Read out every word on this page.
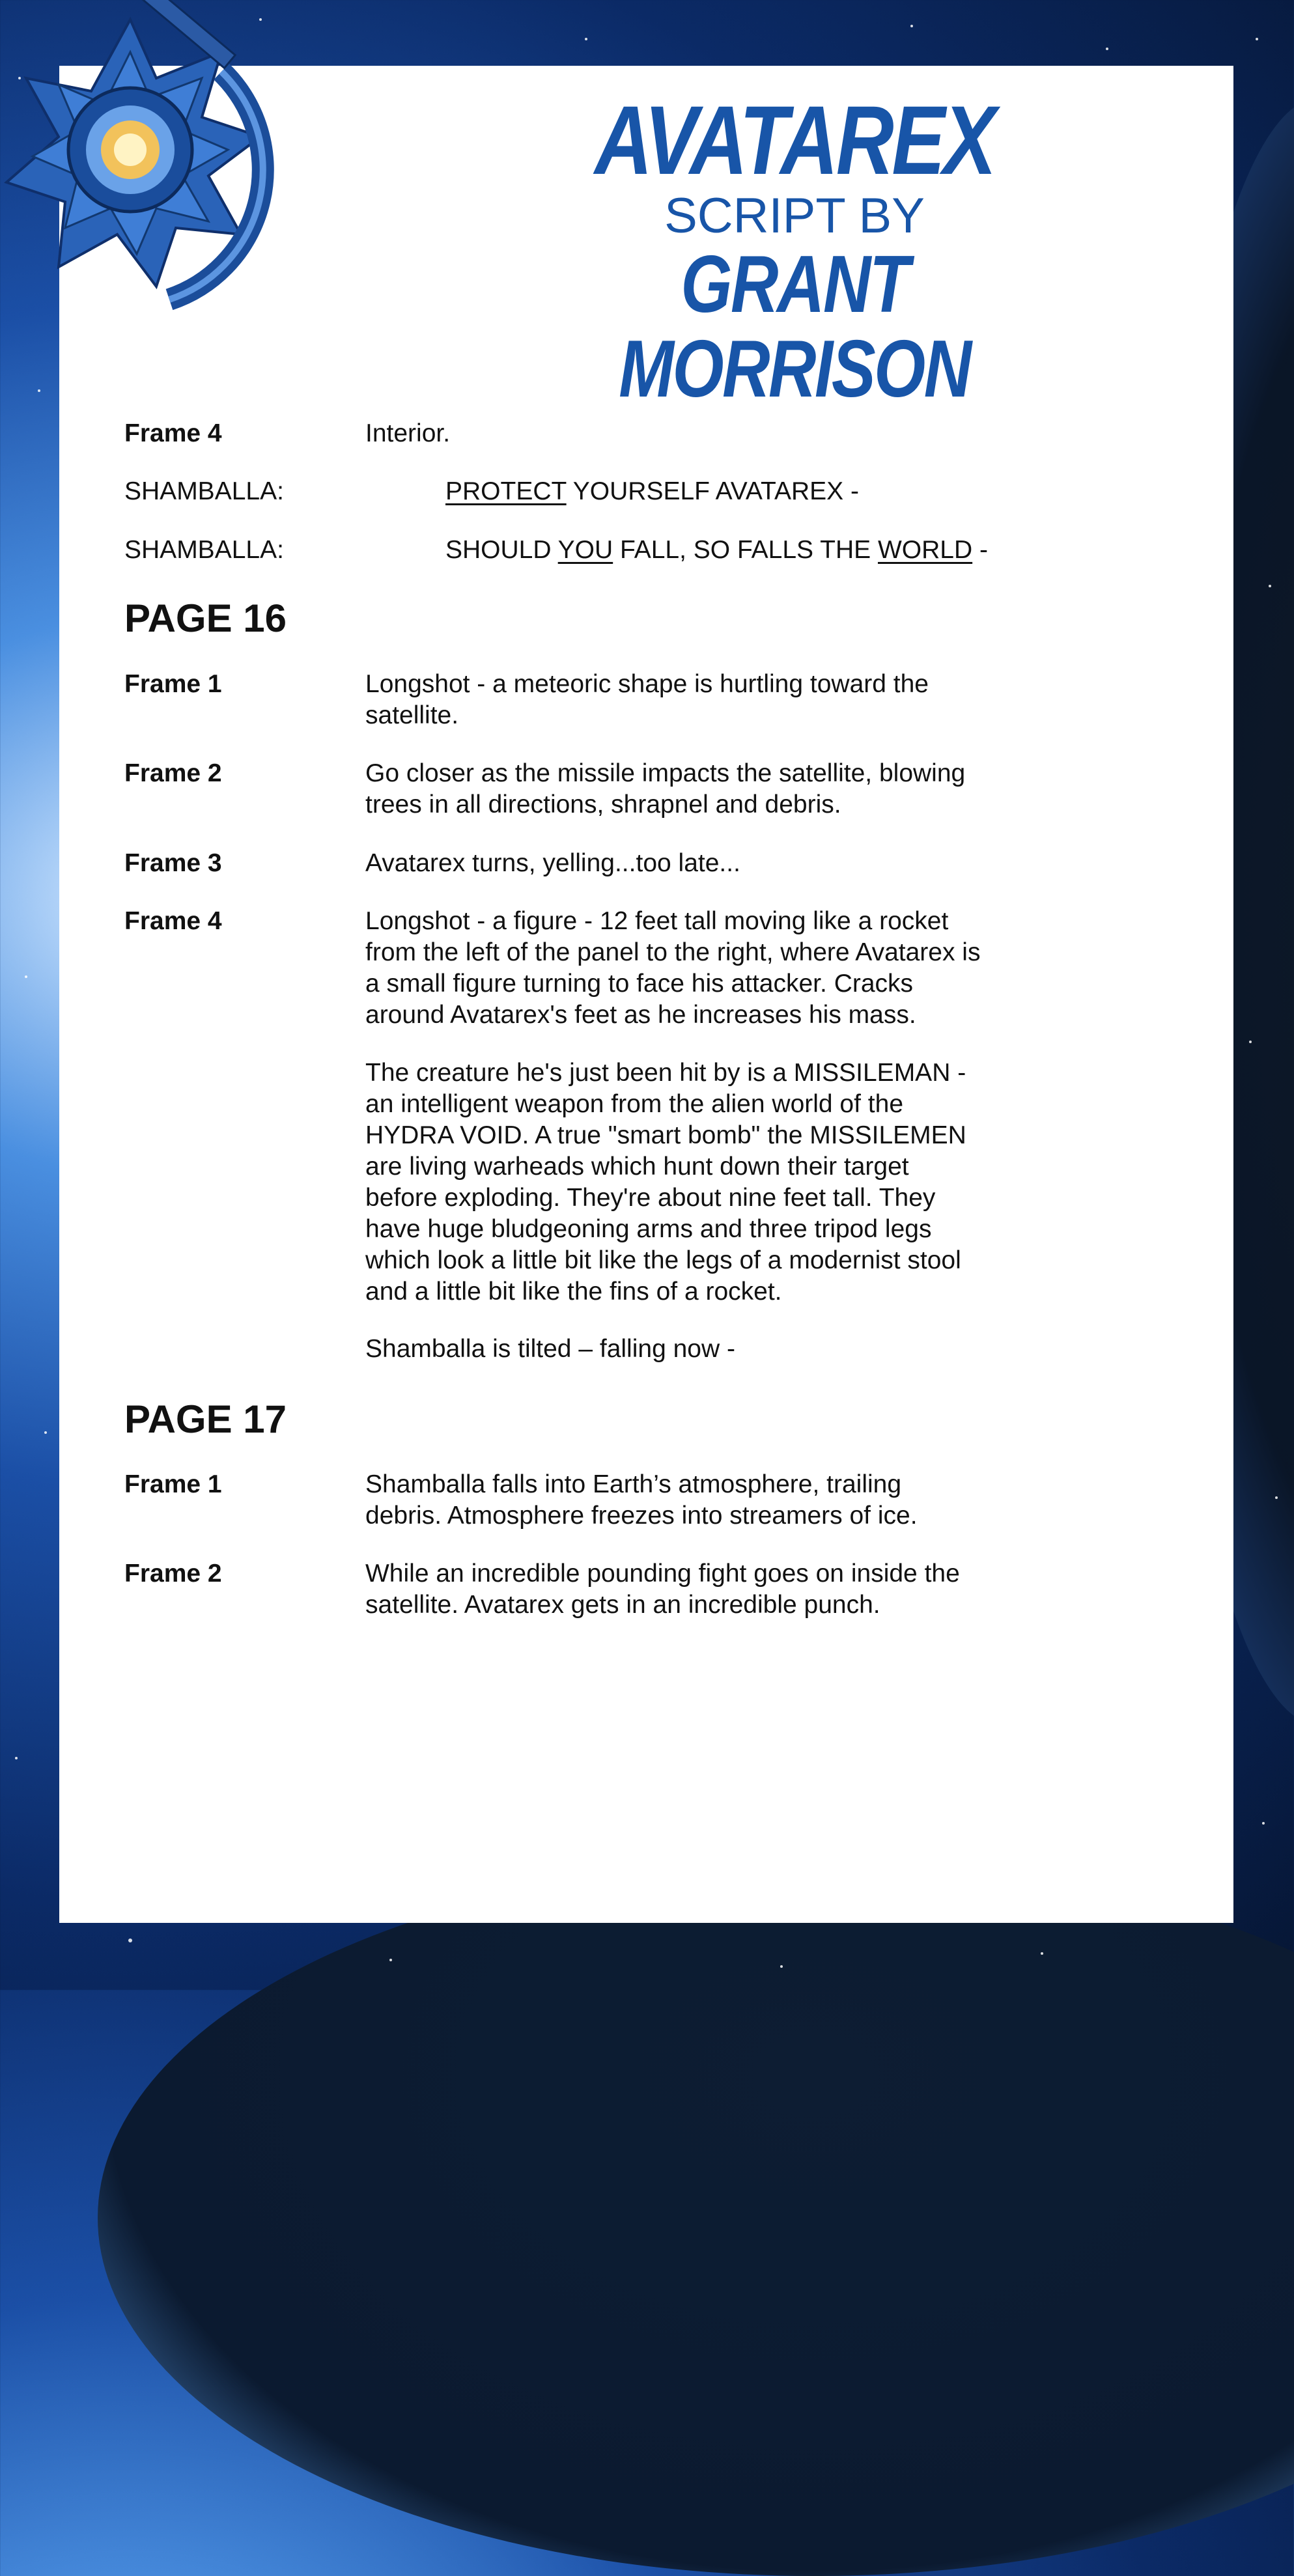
AVATAREX
SCRIPT BY
GRANT MORRISON
Frame 4	Interior.
SHAMBALLA:	PROTECT YOURSELF AVATAREX -
SHAMBALLA:	SHOULD YOU FALL, SO FALLS THE WORLD -
PAGE 16
Frame 1	Longshot - a meteoric shape is hurtling toward the
satellite.
Frame 2	Go closer as the missile impacts the satellite, blowing
trees in all directions, shrapnel and debris.
Frame 3	Avatarex turns, yelling...too late...
Frame 4	Longshot - a figure - 12 feet tall moving like a rocket
from the left of the panel to the right, where Avatarex is
a small figure turning to face his attacker. Cracks
around Avatarex's feet as he increases his mass.
The creature he's just been hit by is a MISSILEMAN -
an intelligent weapon from the alien world of the
HYDRA VOID. A true "smart bomb" the MISSILEMEN
are living warheads which hunt down their target
before exploding. They're about nine feet tall. They
have huge bludgeoning arms and three tripod legs
which look a little bit like the legs of a modernist stool
and a little bit like the fins of a rocket.
Shamballa is tilted – falling now -
PAGE 17
Frame 1	Shamballa falls into Earth’s atmosphere, trailing
debris. Atmosphere freezes into streamers of ice.
Frame 2	While an incredible pounding fight goes on inside the
satellite. Avatarex gets in an incredible punch.
